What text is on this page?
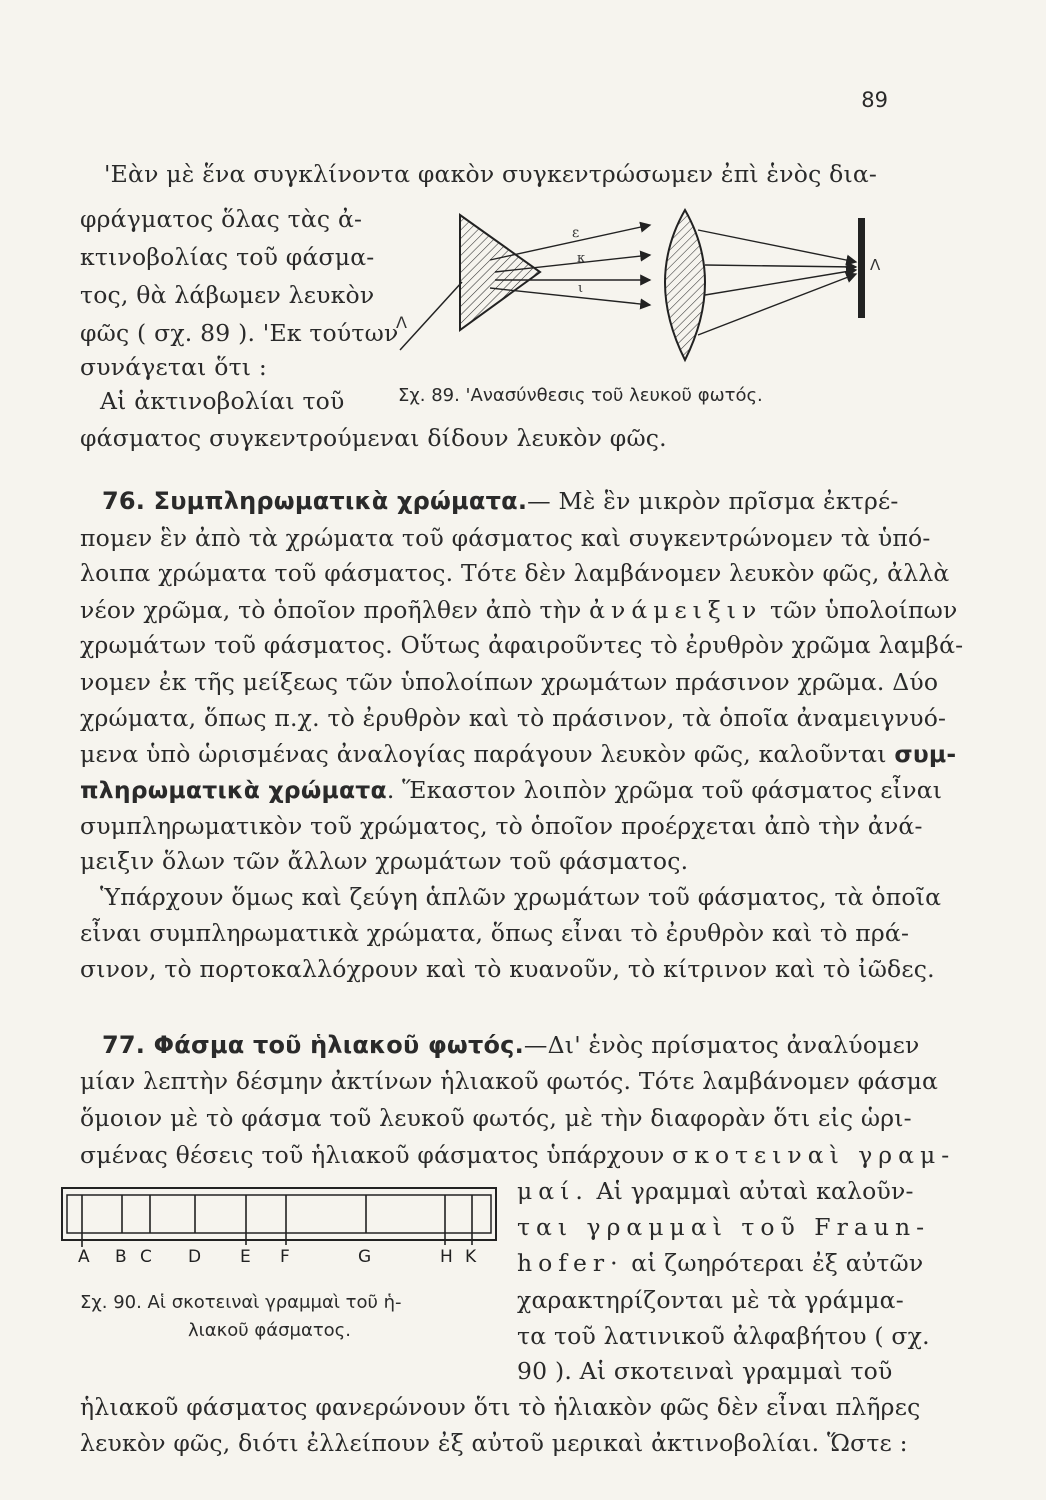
89
'Εὰν μὲ ἕνα συγκλίνοντα φακὸν συγκεντρώσωμεν ἐπὶ ἑνὸς δια-
φράγματος ὅλας τὰς ἀ-
κτινοβολίας τοῦ φάσμα-
τος, θὰ λάβωμεν λευκὸν
φῶς ( σχ. 89 ). 'Εκ τούτων
συνάγεται ὅτι :
Αἱ ἀκτινοβολίαι τοῦ
φάσματος συγκεντρούμεναι δίδουν λευκὸν φῶς.
ε
κ
ι
Λ
Λ
Σχ. 89. 'Ανασύνθεσις τοῦ λευκοῦ φωτός.
76. Συμπληρωματικὰ χρώματα.— Μὲ ἓν μικρὸν πρῖσμα ἐκτρέ-
πομεν ἓν ἀπὸ τὰ χρώματα τοῦ φάσματος καὶ συγκεντρώνομεν τὰ ὑπό-
λοιπα χρώματα τοῦ φάσματος. Τότε δὲν λαμβάνομεν λευκὸν φῶς, ἀλλὰ
νέον χρῶμα, τὸ ὁποῖον προῆλθεν ἀπὸ τὴν ἀνάμειξιν τῶν ὑπολοίπων
χρωμάτων τοῦ φάσματος. Οὕτως ἀφαιροῦντες τὸ ἐρυθρὸν χρῶμα λαμβά-
νομεν ἐκ τῆς μείξεως τῶν ὑπολοίπων χρωμάτων πράσινον χρῶμα. Δύο
χρώματα, ὅπως π.χ. τὸ ἐρυθρὸν καὶ τὸ πράσινον, τὰ ὁποῖα ἀναμειγνυό-
μενα ὑπὸ ὡρισμένας ἀναλογίας παράγουν λευκὸν φῶς, καλοῦνται συμ-
πληρωματικὰ χρώματα. Ἕκαστον λοιπὸν χρῶμα τοῦ φάσματος εἶναι
συμπληρωματικὸν τοῦ χρώματος, τὸ ὁποῖον προέρχεται ἀπὸ τὴν ἀνά-
μειξιν ὅλων τῶν ἄλλων χρωμάτων τοῦ φάσματος.
Ὑπάρχουν ὅμως καὶ ζεύγη ἁπλῶν χρωμάτων τοῦ φάσματος, τὰ ὁποῖα
εἶναι συμπληρωματικὰ χρώματα, ὅπως εἶναι τὸ ἐρυθρὸν καὶ τὸ πρά-
σινον, τὸ πορτοκαλλόχρουν καὶ τὸ κυανοῦν, τὸ κίτρινον καὶ τὸ ἰῶδες.
77. Φάσμα τοῦ ἡλιακοῦ φωτός.—Δι' ἑνὸς πρίσματος ἀναλύομεν
μίαν λεπτὴν δέσμην ἀκτίνων ἡλιακοῦ φωτός. Τότε λαμβάνομεν φάσμα
ὅμοιον μὲ τὸ φάσμα τοῦ λευκοῦ φωτός, μὲ τὴν διαφορὰν ὅτι εἰς ὡρι-
σμένας θέσεις τοῦ ἡλιακοῦ φάσματος ὑπάρχουν σκοτειναὶ γραμ-
μαί. Αἱ γραμμαὶ αὐταὶ καλοῦν-
ται γραμμαὶ τοῦ Fraun-
hofer· αἱ ζωηρότεραι ἐξ αὐτῶν
χαρακτηρίζονται μὲ τὰ γράμμα-
τα τοῦ λατινικοῦ ἀλφαβήτου ( σχ.
90 ). Αἱ σκοτειναὶ γραμμαὶ τοῦ
ἡλιακοῦ φάσματος φανερώνουν ὅτι τὸ ἡλιακὸν φῶς δὲν εἶναι πλῆρες
λευκὸν φῶς, διότι ἐλλείπουν ἐξ αὐτοῦ μερικαὶ ἀκτινοβολίαι. Ὥστε :
A B C D E F	G	H K
Σχ. 90. Αἱ σκοτειναὶ γραμμαὶ τοῦ ἡ-
λιακοῦ φάσματος.
